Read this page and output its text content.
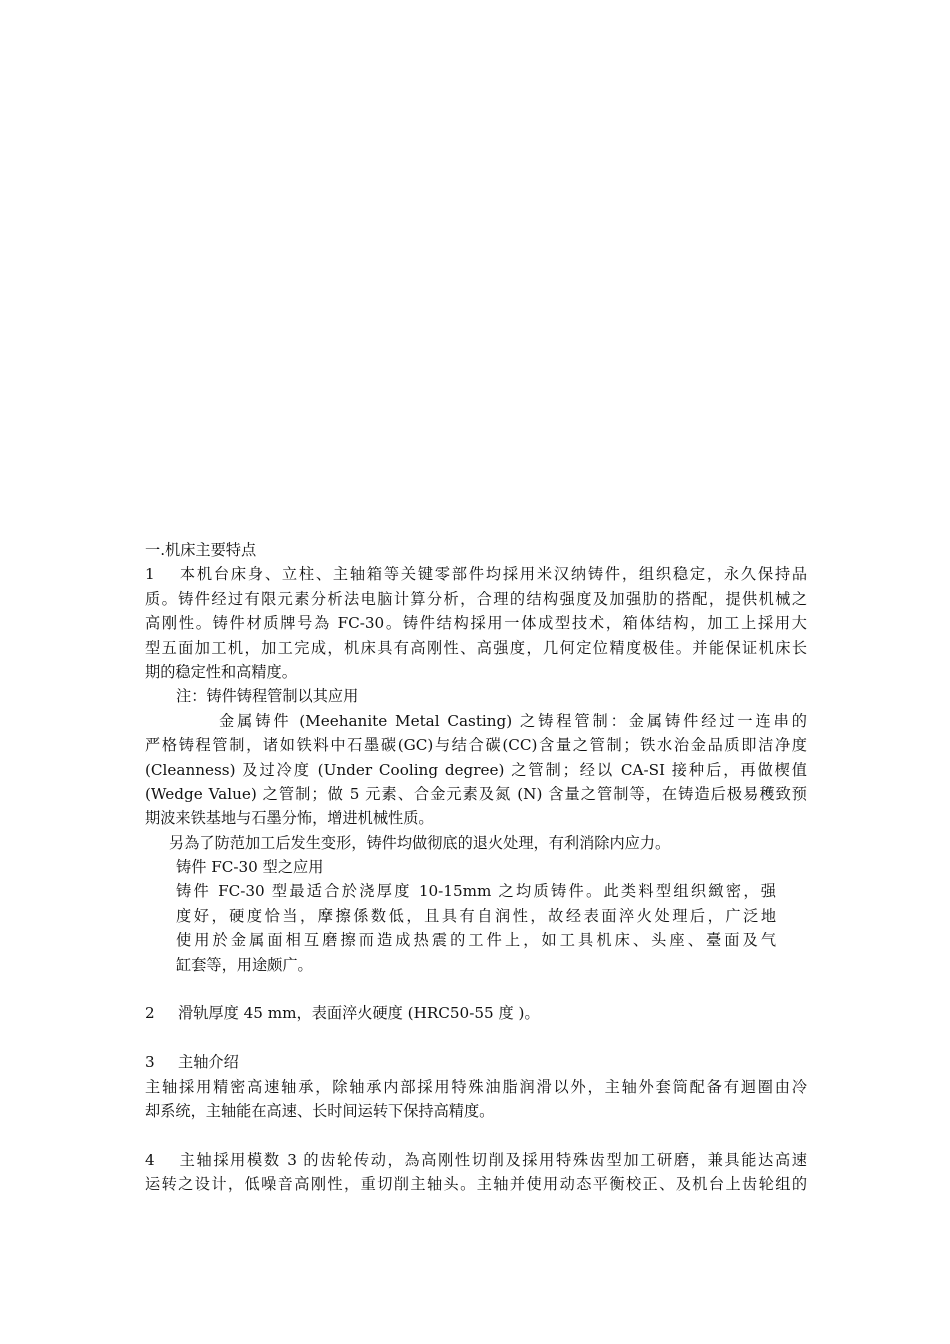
一.机床主要特点
1 本机台床身、立柱、主轴箱等关键零部件均採用米汉纳铸件，组织稳定，永久保持品
质。铸件经过有限元素分析法电脑计算分析，合理的结构强度及加强肋的搭配，提供机械之
高刚性。铸件材质牌号為 FC-30。铸件结构採用一体成型技术，箱体结构，加工上採用大
型五面加工机，加工完成，机床具有高刚性、高强度，几何定位精度极佳。并能保证机床长
期的稳定性和高精度。
注：铸件铸程管制以其应用
金属铸件 (Meehanite Metal Casting) 之铸程管制：金属铸件经过一连串的
严格铸程管制，诸如铁料中石墨碳(GC)与结合碳(CC)含量之管制；铁水治金品质即洁净度
(Cleanness) 及过冷度 (Under Cooling degree) 之管制；经以 CA-SI 接种后，再做楔值
(Wedge Value) 之管制；做 5 元素、合金元素及氮 (N) 含量之管制等，在铸造后极易穫致预
期波来铁基地与石墨分怖，增进机械性质。
另為了防范加工后发生变形，铸件均做彻底的退火处理，有利消除内应力。
铸件 FC-30 型之应用
铸件 FC-30 型最适合於浇厚度 10-15mm 之均质铸件。此类料型组织緻密，强
度好，硬度恰当，摩擦係数低，且具有自润性，故经表面淬火处理后，广泛地
使用於金属面相互磨擦而造成热震的工件上，如工具机床、头座、臺面及气
缸套等，用途颇广。
2 滑轨厚度 45 mm，表面淬火硬度 (HRC50-55 度 )。
3 主轴介绍
主轴採用精密高速轴承，除轴承内部採用特殊油脂润滑以外，主轴外套筒配备有迴圈由冷
却系统，主轴能在高速、长时间运转下保持高精度。
4 主轴採用模数 3 的齿轮传动，為高刚性切削及採用特殊齿型加工研磨，兼具能达高速
运转之设计，低噪音高刚性，重切削主轴头。主轴并使用动态平衡校正、及机台上齿轮组的
